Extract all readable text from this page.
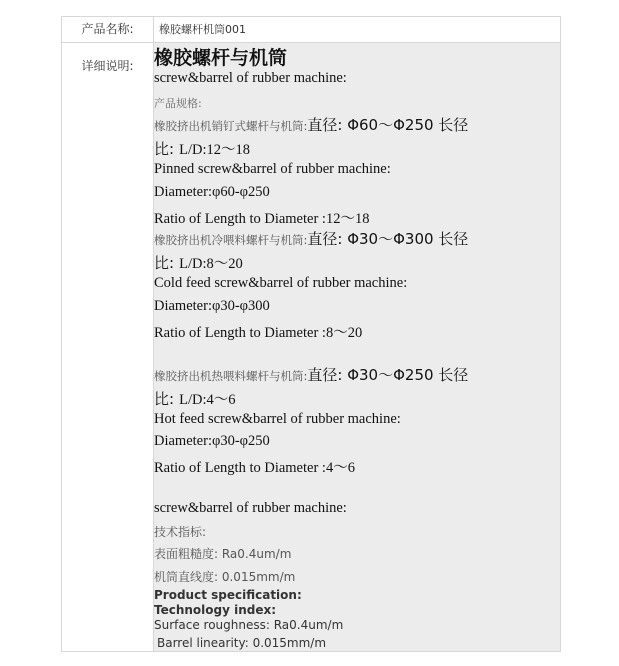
产品名称:	橡胶螺杆机筒001
详细说明:	橡胶螺杆与机筒
screw&barrel of rubber machine:
产品规格:
橡胶挤出机销钉式螺杆与机筒:直径: Φ60～Φ250 长径
比: L/D:12～18
Pinned screw&barrel of rubber machine:
Diameter:φ60-φ250
Ratio of Length to Diameter :12～18
橡胶挤出机冷喂料螺杆与机筒:直径: Φ30～Φ300 长径
比: L/D:8～20
Cold feed screw&barrel of rubber machine:
Diameter:φ30-φ300
Ratio of Length to Diameter :8～20
橡胶挤出机热喂料螺杆与机筒:直径: Φ30～Φ250 长径
比: L/D:4～6
Hot feed screw&barrel of rubber machine:
Diameter:φ30-φ250
Ratio of Length to Diameter :4～6
screw&barrel of rubber machine:
技术指标:
表面粗糙度: Ra0.4um/m
机筒直线度: 0.015mm/m
Product specification:
Technology index:
Surface roughness: Ra0.4um/m
Barrel linearity: 0.015mm/m
